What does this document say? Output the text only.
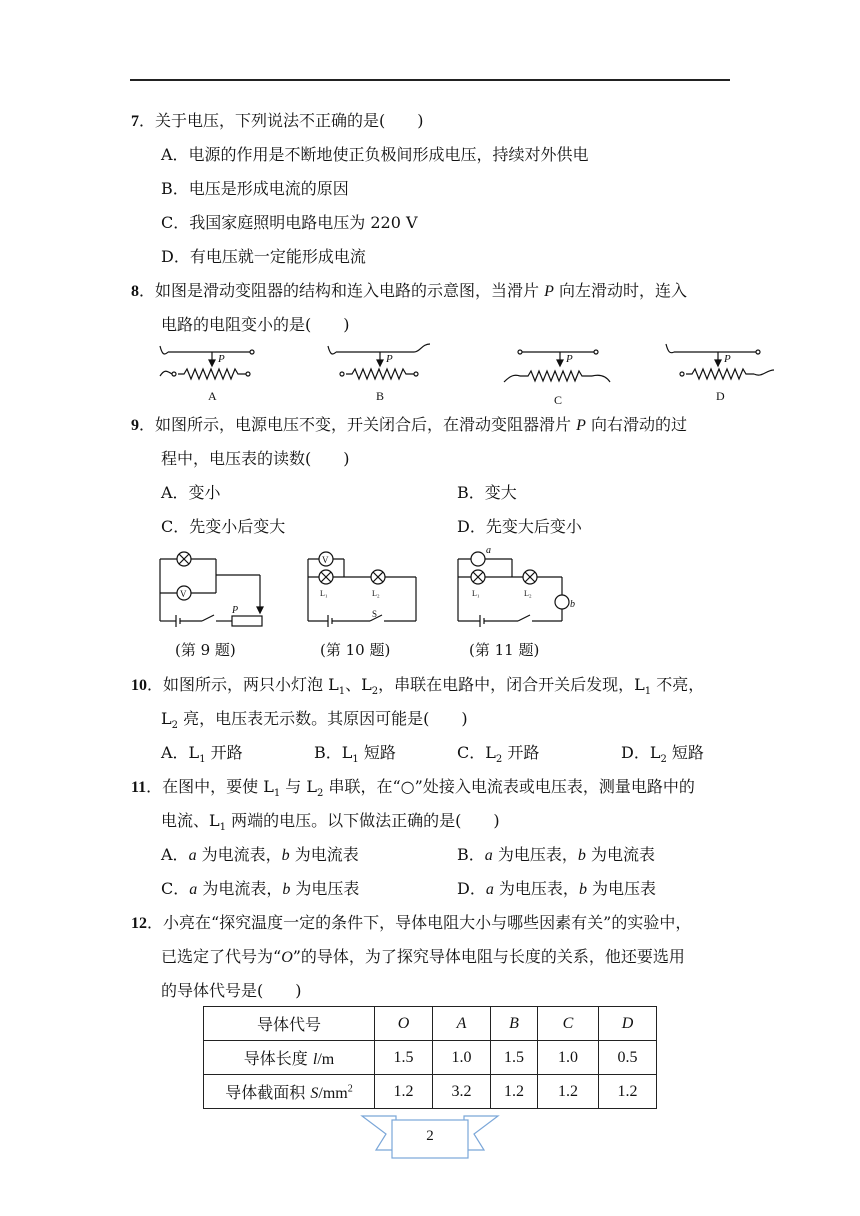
7．关于电压，下列说法不正确的是(　　)
A．电源的作用是不断地使正负极间形成电压，持续对外供电
B．电压是形成电流的原因
C．我国家庭照明电路电压为 220 V
D．有电压就一定能形成电流
8．如图是滑动变阻器的结构和连入电路的示意图，当滑片 P 向左滑动时，连入
电路的电阻变小的是(　　)
P	P	P	P
A	B	C	D
9．如图所示，电源电压不变，开关闭合后，在滑动变阻器滑片 P 向右滑动的过
程中，电压表的读数(　　)
A．变小	B．变大
C．先变小后变大	D．先变大后变小
V
P
V
L₁	L₂
S
a
L₁	L₂
b
(第 9 题)	(第 10 题)	(第 11 题)
10．如图所示，两只小灯泡 $L_1$、$L_2$，串联在电路中，闭合开关后发现，$L_1$ 不亮，
$L_2$ 亮，电压表无示数。其原因可能是(　　)
A．$L_1$ 开路	B．$L_1$ 短路	C．$L_2$ 开路	D．$L_2$ 短路
11．在图中，要使 $L_1$ 与 $L_2$ 串联，在“○”处接入电流表或电压表，测量电路中的
电流、$L_1$ 两端的电压。以下做法正确的是(　　)
A．a 为电流表，b 为电流表	B．a 为电压表，b 为电流表
C．a 为电流表，b 为电压表	D．a 为电压表，b 为电压表
12．小亮在“探究温度一定的条件下，导体电阻大小与哪些因素有关”的实验中，
已选定了代号为“O”的导体，为了探究导体电阻与长度的关系，他还要选用
的导体代号是(　　)
导体代号	O	A	B	C	D
导体长度 l/m	1.5	1.0	1.5	1.0	0.5
导体截面积 $S/mm^2$	1.2	3.2	1.2	1.2	1.2
2
